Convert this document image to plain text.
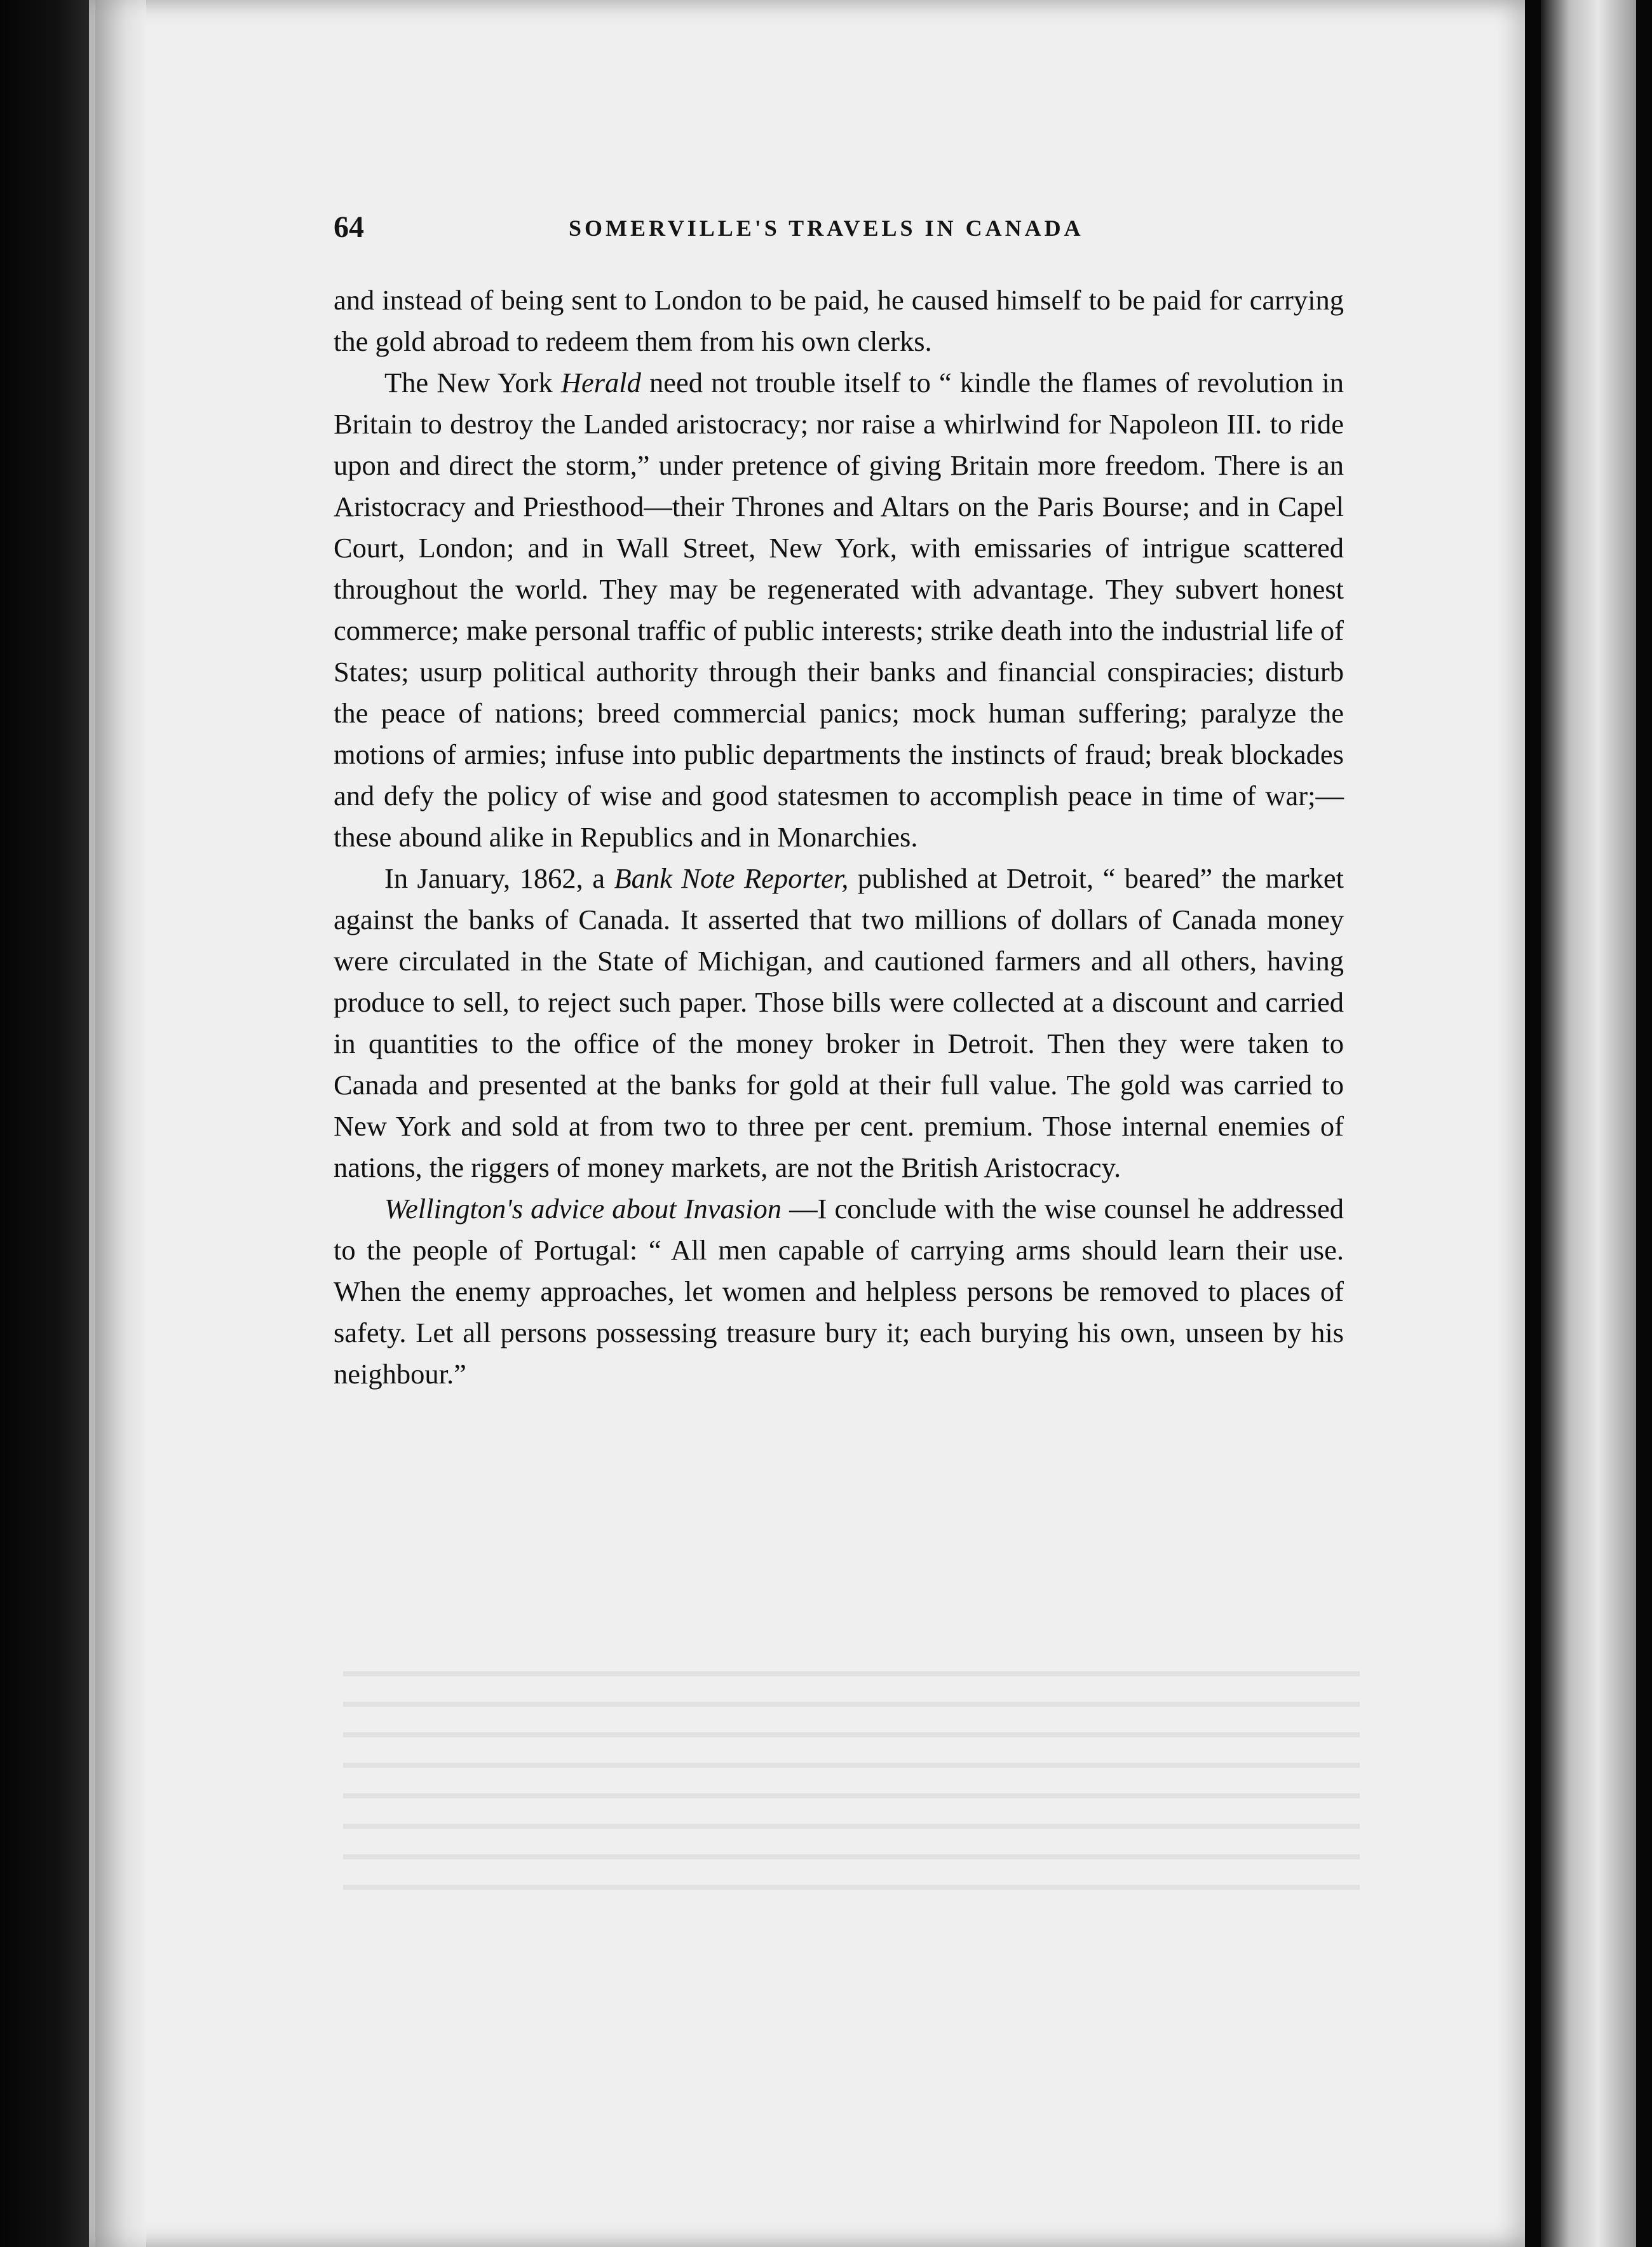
64	SOMERVILLE'S TRAVELS IN CANADA

and instead of being sent to London to be paid, he caused himself to be paid for carrying the gold abroad to redeem them from his own clerks.

The New York Herald need not trouble itself to “ kindle the flames of revolution in Britain to destroy the Landed aristocracy; nor raise a whirlwind for Napoleon III. to ride upon and direct the storm,” under pretence of giving Britain more freedom. There is an Aristocracy and Priesthood—their Thrones and Altars on the Paris Bourse; and in Capel Court, London; and in Wall Street, New York, with emissaries of intrigue scattered throughout the world. They may be regenerated with advantage. They subvert honest commerce; make personal traffic of public interests; strike death into the industrial life of States; usurp political authority through their banks and financial conspiracies; disturb the peace of nations; breed commercial panics; mock human suffering; paralyze the motions of armies; infuse into public departments the instincts of fraud; break blockades and defy the policy of wise and good statesmen to accomplish peace in time of war;—these abound alike in Republics and in Monarchies.

In January, 1862, a Bank Note Reporter, published at Detroit, “ beared” the market against the banks of Canada. It asserted that two millions of dollars of Canada money were circulated in the State of Michigan, and cautioned farmers and all others, having produce to sell, to reject such paper. Those bills were collected at a discount and carried in quantities to the office of the money broker in Detroit. Then they were taken to Canada and presented at the banks for gold at their full value. The gold was carried to New York and sold at from two to three per cent. premium. Those internal enemies of nations, the riggers of money markets, are not the British Aristocracy.

Wellington's advice about Invasion —I conclude with the wise counsel he addressed to the people of Portugal: “ All men capable of carrying arms should learn their use. When the enemy approaches, let women and helpless persons be removed to places of safety. Let all persons possessing treasure bury it; each burying his own, unseen by his neighbour.”
